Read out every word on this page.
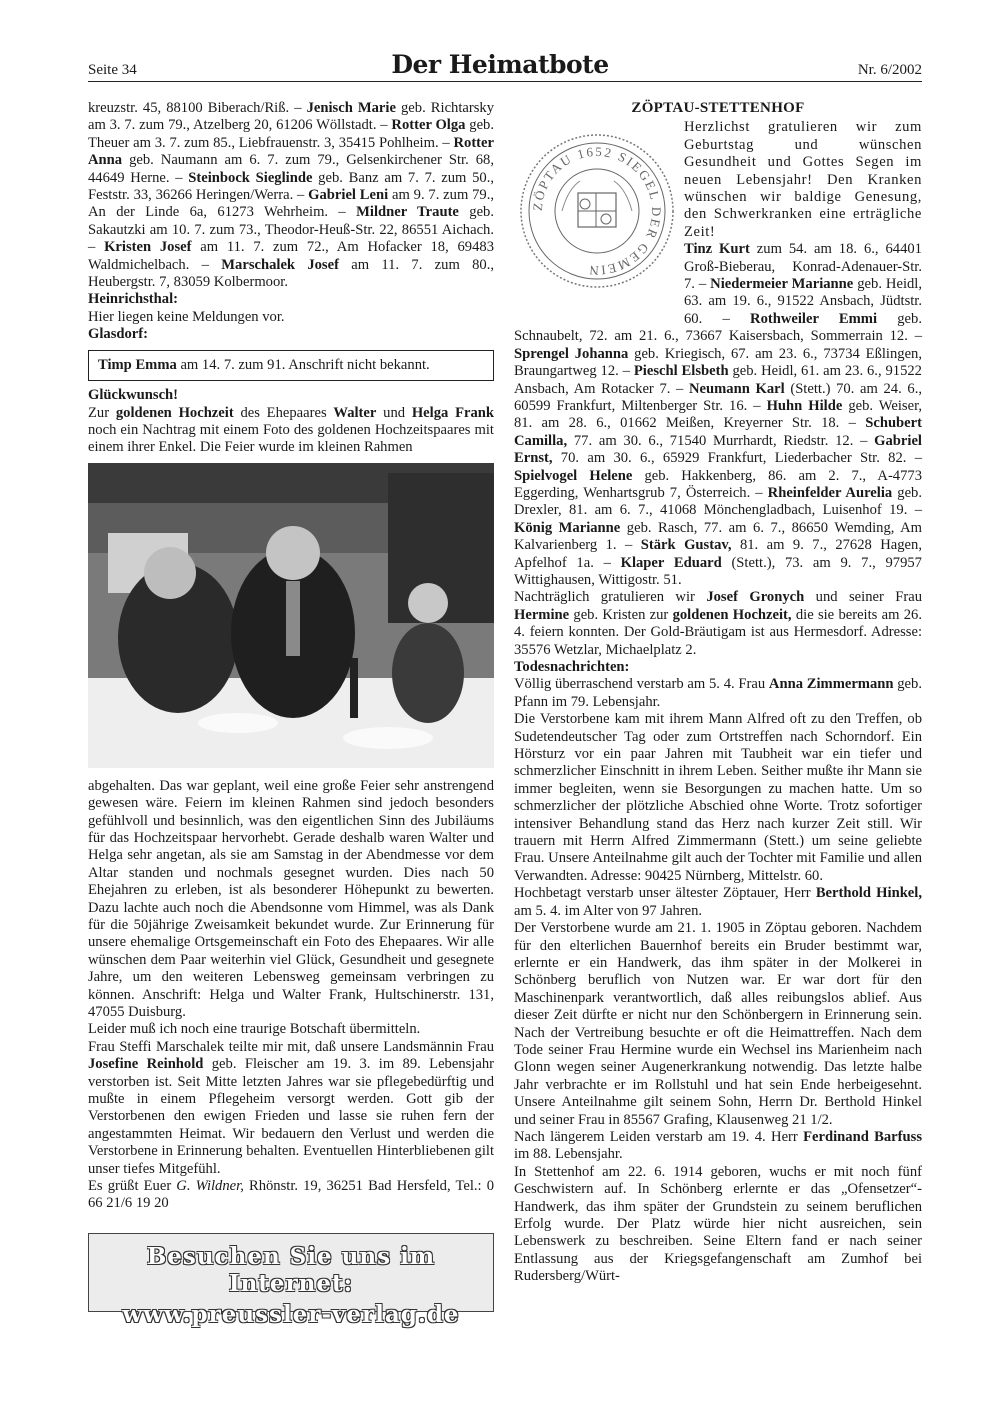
Seite 34	Der Heimatbote	Nr. 6/2002

kreuzstr. 45, 88100 Biberach/Riß. – Jenisch Marie geb. Richtarsky am 3. 7. zum 79., Atzelberg 20, 61206 Wöllstadt. – Rotter Olga geb. Theuer am 3. 7. zum 85., Liebfrauenstr. 3, 35415 Pohlheim. – Rotter Anna geb. Naumann am 6. 7. zum 79., Gelsenkirchener Str. 68, 44649 Herne. – Steinbock Sieglinde geb. Banz am 7. 7. zum 50., Feststr. 33, 36266 Heringen/Werra. – Gabriel Leni am 9. 7. zum 79., An der Linde 6a, 61273 Wehrheim. – Mildner Traute geb. Sakautzki am 10. 7. zum 73., Theodor-Heuß-Str. 22, 86551 Aichach. – Kristen Josef am 11. 7. zum 72., Am Hofacker 18, 69483 Waldmichelbach. – Marschalek Josef am 11. 7. zum 80., Heubergstr. 7, 83059 Kolbermoor.

Heinrichsthal:

Hier liegen keine Meldungen vor.

Glasdorf:
Timp Emma am 14. 7. zum 91. Anschrift nicht bekannt.
Glückwunsch!

Zur goldenen Hochzeit des Ehepaares Walter und Helga Frank noch ein Nachtrag mit einem Foto des goldenen Hochzeitspaares mit einem ihrer Enkel. Die Feier wurde im kleinen Rahmen

abgehalten. Das war geplant, weil eine große Feier sehr anstrengend gewesen wäre. Feiern im kleinen Rahmen sind jedoch besonders gefühlvoll und besinnlich, was den eigentlichen Sinn des Jubiläums für das Hochzeitspaar hervorhebt. Gerade deshalb waren Walter und Helga sehr angetan, als sie am Samstag in der Abendmesse vor dem Altar standen und nochmals gesegnet wurden. Dies nach 50 Ehejahren zu erleben, ist als besonderer Höhepunkt zu bewerten. Dazu lachte auch noch die Abendsonne vom Himmel, was als Dank für die 50jährige Zweisamkeit bekundet wurde. Zur Erinnerung für unsere ehemalige Ortsgemeinschaft ein Foto des Ehepaares. Wir alle wünschen dem Paar weiterhin viel Glück, Gesundheit und gesegnete Jahre, um den weiteren Lebensweg gemeinsam verbringen zu können. Anschrift: Helga und Walter Frank, Hultschinerstr. 131, 47055 Duisburg.

Leider muß ich noch eine traurige Botschaft übermitteln.

Frau Steffi Marschalek teilte mir mit, daß unsere Landsmännin Frau Josefine Reinhold geb. Fleischer am 19. 3. im 89. Lebensjahr verstorben ist. Seit Mitte letzten Jahres war sie pflegebedürftig und mußte in einem Pflegeheim versorgt werden. Gott gib der Verstorbenen den ewigen Frieden und lasse sie ruhen fern der angestammten Heimat. Wir bedauern den Verlust und werden die Verstorbene in Erinnerung behalten. Eventuellen Hinterbliebenen gilt unser tiefes Mitgefühl.

Es grüßt Euer G. Wildner, Rhönstr. 19, 36251 Bad Hersfeld, Tel.: 0 66 21/6 19 20

Besuchen Sie uns im Internet:
www.preussler-verlag.de
ZÖPTAU-STETTENHOF
ZÖPTAU 1652 SIEGEL DER GEMEIN

Herzlichst gratulieren wir zum Geburtstag und wünschen Gesundheit und Gottes Segen im neuen Lebensjahr! Den Kranken wünschen wir baldige Genesung, den Schwerkranken eine erträgliche Zeit!

Tinz Kurt zum 54. am 18. 6., 64401 Groß-Bieberau, Konrad-Adenauer-Str. 7. – Niedermeier Marianne geb. Heidl, 63. am 19. 6., 91522 Ansbach, Jüdtstr. 60. – Rothweiler Emmi geb. Schnaubelt, 72. am 21. 6., 73667 Kaisersbach, Sommerrain 12. – Sprengel Johanna geb. Kriegisch, 67. am 23. 6., 73734 Eßlingen, Braungartweg 12. – Pieschl Elsbeth geb. Heidl, 61. am 23. 6., 91522 Ansbach, Am Rotacker 7. – Neumann Karl (Stett.) 70. am 24. 6., 60599 Frankfurt, Miltenberger Str. 16. – Huhn Hilde geb. Weiser, 81. am 28. 6., 01662 Meißen, Kreyerner Str. 18. – Schubert Camilla, 77. am 30. 6., 71540 Murrhardt, Riedstr. 12. – Gabriel Ernst, 70. am 30. 6., 65929 Frankfurt, Liederbacher Str. 82. – Spielvogel Helene geb. Hakkenberg, 86. am 2. 7., A-4773 Eggerding, Wenhartsgrub 7, Österreich. – Rheinfelder Aurelia geb. Drexler, 81. am 6. 7., 41068 Mönchengladbach, Luisenhof 19. – König Marianne geb. Rasch, 77. am 6. 7., 86650 Wemding, Am Kalvarienberg 1. – Stärk Gustav, 81. am 9. 7., 27628 Hagen, Apfelhof 1a. – Klaper Eduard (Stett.), 73. am 9. 7., 97957 Wittighausen, Wittigostr. 51.

Nachträglich gratulieren wir Josef Gronych und seiner Frau Hermine geb. Kristen zur goldenen Hochzeit, die sie bereits am 26. 4. feiern konnten. Der Gold-Bräutigam ist aus Hermesdorf. Adresse: 35576 Wetzlar, Michaelplatz 2.

Todesnachrichten:

Völlig überraschend verstarb am 5. 4. Frau Anna Zimmermann geb. Pfann im 79. Lebensjahr.

Die Verstorbene kam mit ihrem Mann Alfred oft zu den Treffen, ob Sudetendeutscher Tag oder zum Ortstreffen nach Schorndorf. Ein Hörsturz vor ein paar Jahren mit Taubheit war ein tiefer und schmerzlicher Einschnitt in ihrem Leben. Seither mußte ihr Mann sie immer begleiten, wenn sie Besorgungen zu machen hatte. Um so schmerzlicher der plötzliche Abschied ohne Worte. Trotz sofortiger intensiver Behandlung stand das Herz nach kurzer Zeit still. Wir trauern mit Herrn Alfred Zimmermann (Stett.) um seine geliebte Frau. Unsere Anteilnahme gilt auch der Tochter mit Familie und allen Verwandten. Adresse: 90425 Nürnberg, Mittelstr. 60.

Hochbetagt verstarb unser ältester Zöptauer, Herr Berthold Hinkel, am 5. 4. im Alter von 97 Jahren.

Der Verstorbene wurde am 21. 1. 1905 in Zöptau geboren. Nachdem für den elterlichen Bauernhof bereits ein Bruder bestimmt war, erlernte er ein Handwerk, das ihm später in der Molkerei in Schönberg beruflich von Nutzen war. Er war dort für den Maschinenpark verantwortlich, daß alles reibungslos ablief. Aus dieser Zeit dürfte er nicht nur den Schönbergern in Erinnerung sein. Nach der Vertreibung besuchte er oft die Heimattreffen. Nach dem Tode seiner Frau Hermine wurde ein Wechsel ins Marienheim nach Glonn wegen seiner Augenerkrankung notwendig. Das letzte halbe Jahr verbrachte er im Rollstuhl und hat sein Ende herbeigesehnt. Unsere Anteilnahme gilt seinem Sohn, Herrn Dr. Berthold Hinkel und seiner Frau in 85567 Grafing, Klausenweg 21 1/2.

Nach längerem Leiden verstarb am 19. 4. Herr Ferdinand Barfuss im 88. Lebensjahr.

In Stettenhof am 22. 6. 1914 geboren, wuchs er mit noch fünf Geschwistern auf. In Schönberg erlernte er das „Ofensetzer“-Handwerk, das ihm später der Grundstein zu seinem beruflichen Erfolg wurde. Der Platz würde hier nicht ausreichen, sein Lebenswerk zu beschreiben. Seine Eltern fand er nach seiner Entlassung aus der Kriegsgefangenschaft am Zumhof bei Rudersberg/Würt-
